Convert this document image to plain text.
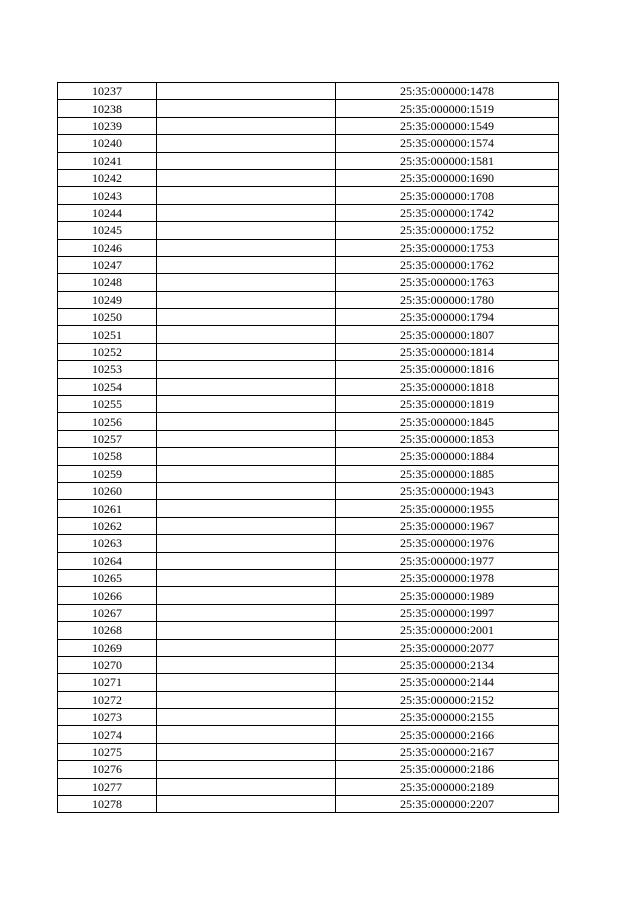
10237		25:35:000000:1478
10238		25:35:000000:1519
10239		25:35:000000:1549
10240		25:35:000000:1574
10241		25:35:000000:1581
10242		25:35:000000:1690
10243		25:35:000000:1708
10244		25:35:000000:1742
10245		25:35:000000:1752
10246		25:35:000000:1753
10247		25:35:000000:1762
10248		25:35:000000:1763
10249		25:35:000000:1780
10250		25:35:000000:1794
10251		25:35:000000:1807
10252		25:35:000000:1814
10253		25:35:000000:1816
10254		25:35:000000:1818
10255		25:35:000000:1819
10256		25:35:000000:1845
10257		25:35:000000:1853
10258		25:35:000000:1884
10259		25:35:000000:1885
10260		25:35:000000:1943
10261		25:35:000000:1955
10262		25:35:000000:1967
10263		25:35:000000:1976
10264		25:35:000000:1977
10265		25:35:000000:1978
10266		25:35:000000:1989
10267		25:35:000000:1997
10268		25:35:000000:2001
10269		25:35:000000:2077
10270		25:35:000000:2134
10271		25:35:000000:2144
10272		25:35:000000:2152
10273		25:35:000000:2155
10274		25:35:000000:2166
10275		25:35:000000:2167
10276		25:35:000000:2186
10277		25:35:000000:2189
10278		25:35:000000:2207
